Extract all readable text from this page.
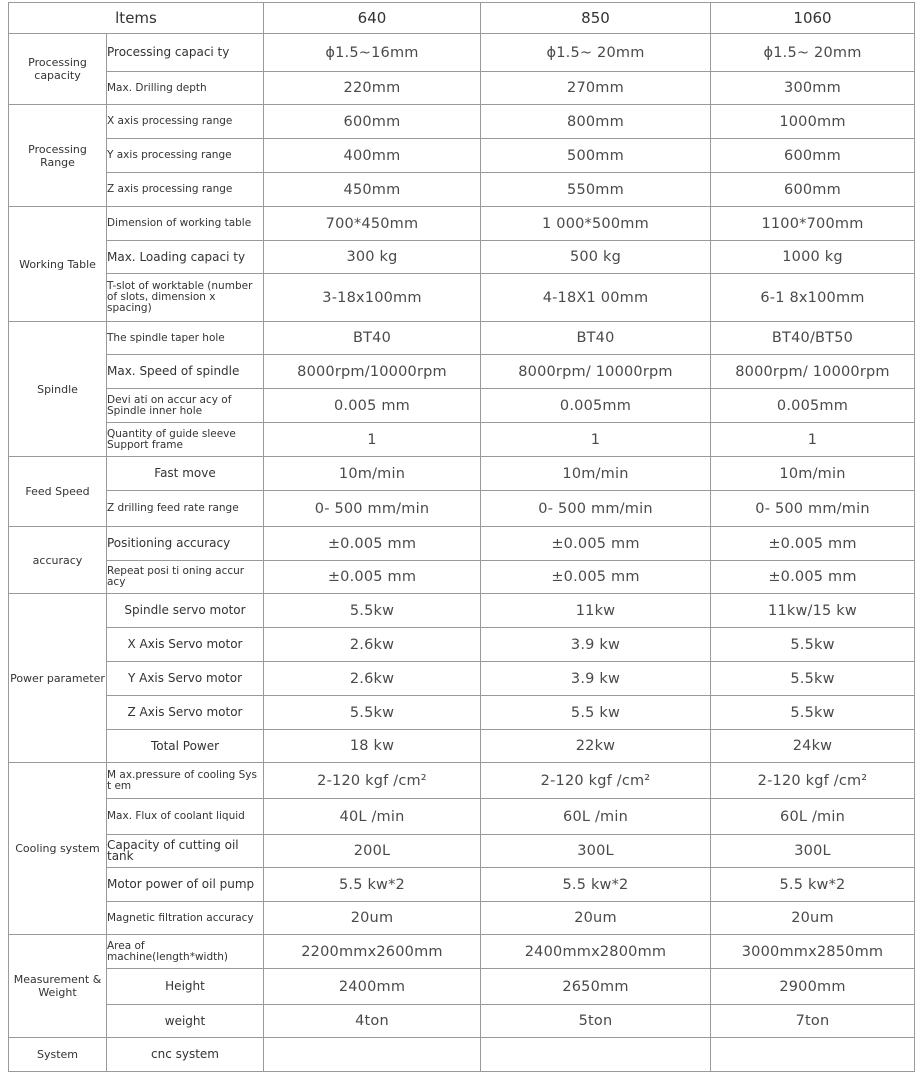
ltems		640	850	1060
Processing capacity	Processing capaci ty	ɸ1.5~16mm	ɸ1.5~ 20mm	ɸ1.5~ 20mm
	Max. Drilling depth	220mm	270mm	300mm
Processing Range	X axis processing range	600mm	800mm	1000mm
	Y axis processing range	400mm	500mm	600mm
	Z axis processing range	450mm	550mm	600mm
Working Table	Dimension of working table	700*450mm	1 000*500mm	1100*700mm
	Max. Loading capaci ty	300 kg	500 kg	1000 kg
	T-slot of worktable (number of slots, dimension x spacing)	3-18x100mm	4-18X1 00mm	6-1 8x100mm
Spindle	The spindle taper hole	BT40	BT40	BT40/BT50
	Max. Speed of spindle	8000rpm/10000rpm	8000rpm/ 10000rpm	8000rpm/ 10000rpm
	Devi ati on accur acy of Spindle inner hole	0.005 mm	0.005mm	0.005mm
	Quantity of guide sleeve Support frame	1	1	1
Feed Speed	Fast move	10m/min	10m/min	10m/min
	Z drilling feed rate range	0- 500 mm/min	0- 500 mm/min	0- 500 mm/min
accuracy	Positioning accuracy	±0.005 mm	±0.005 mm	±0.005 mm
	Repeat posi ti oning accur acy	±0.005 mm	±0.005 mm	±0.005 mm
Power parameter	Spindle servo motor	5.5kw	11kw	11kw/15 kw
	X Axis Servo motor	2.6kw	3.9 kw	5.5kw
	Y Axis Servo motor	2.6kw	3.9 kw	5.5kw
	Z Axis Servo motor	5.5kw	5.5 kw	5.5kw
	Total Power	18 kw	22kw	24kw
Cooling system	M ax.pressure of cooling Sys t em	2-120 kgf /cm²	2-120 kgf /cm²	2-120 kgf /cm²
	Max. Flux of coolant liquid	40L /min	60L /min	60L /min
	Capacity of cutting oil tank	200L	300L	300L
	Motor power of oil pump	5.5 kw*2	5.5 kw*2	5.5 kw*2
	Magnetic filtration accuracy	20um	20um	20um
Measurement & Weight	Area of machine(length*width)	2200mmx2600mm	2400mmx2800mm	3000mmx2850mm
	Height	2400mm	2650mm	2900mm
	weight	4ton	5ton	7ton
System	cnc system			
